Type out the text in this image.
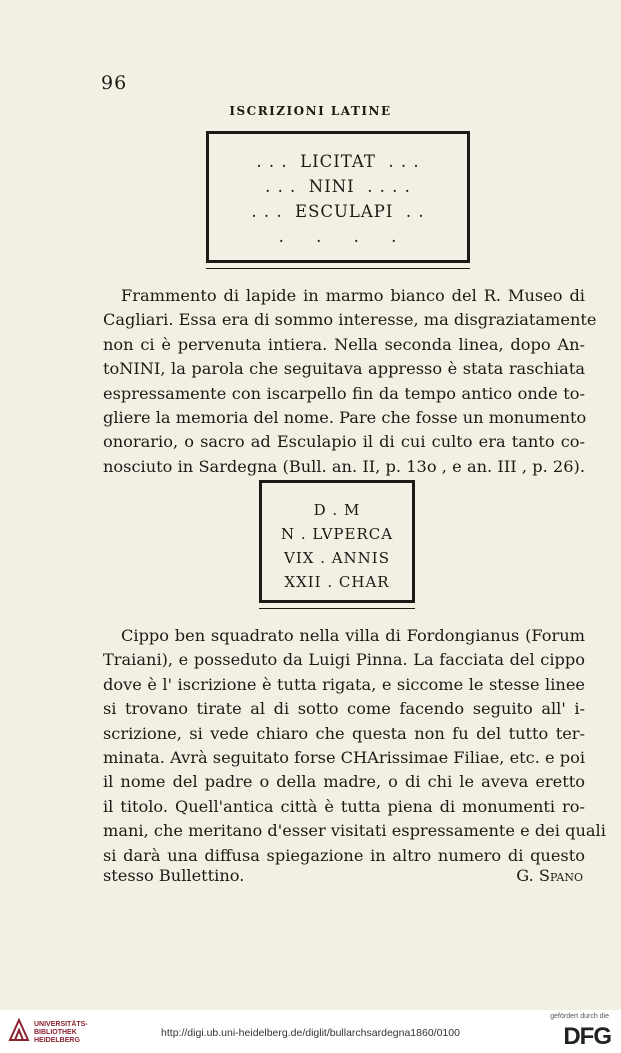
96
ISCRIZIONI LATINE
. . .  LICITAT  . . .
. . .  NINI  . . . .
. . .  ESCULAPI  . .
.     .     .     .
Frammento di lapide in marmo bianco del R. Museo di
Cagliari. Essa era di sommo interesse, ma disgraziatamente
non ci è pervenuta intiera. Nella seconda linea, dopo An-
toNINI, la parola che seguitava appresso è stata raschiata
espressamente con iscarpello fin da tempo antico onde to-
gliere la memoria del nome. Pare che fosse un monumento
onorario, o sacro ad Esculapio il di cui culto era tanto co-
nosciuto in Sardegna (Bull. an. II, p. 13o , e an. III , p. 26).
D . M
N . LVPERCA
VIX . ANNIS
XXII . CHAR
Cippo ben squadrato nella villa di Fordongianus (Forum
Traiani), e posseduto da Luigi Pinna. La facciata del cippo
dove è l' iscrizione è tutta rigata, e siccome le stesse linee
si trovano tirate al di sotto come facendo seguito all' i-
scrizione, si vede chiaro che questa non fu del tutto ter-
minata. Avrà seguitato forse CHArissimae Filiae, etc. e poi
il nome del padre o della madre, o di chi le aveva eretto
il titolo. Quell'antica città è tutta piena di monumenti ro-
mani, che meritano d'esser visitati espressamente e dei quali
si darà una diffusa spiegazione in altro numero di questo
stesso Bullettino.	G. Spano
UNIVERSITÄTS-
BIBLIOTHEK
HEIDELBERG
http://digi.ub.uni-heidelberg.de/diglit/bullarchsardegna1860/0100
gefördert durch die
DFG
